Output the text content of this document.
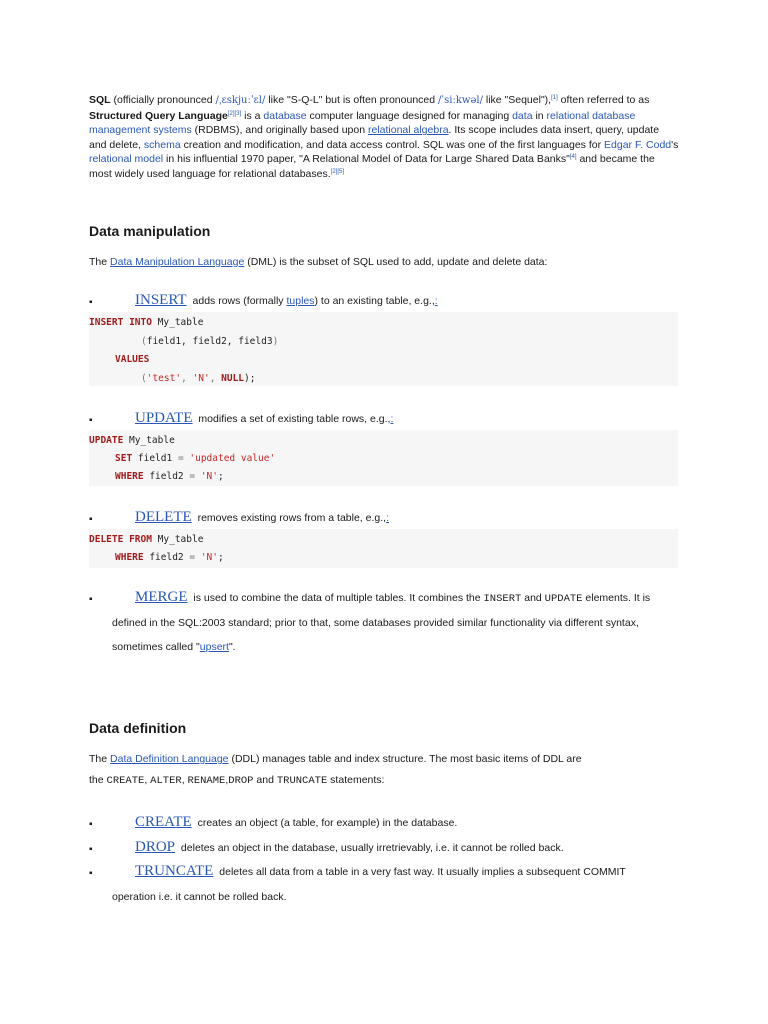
SQL (officially pronounced /ˌɛskjuːˈɛl/ like "S-Q-L" but is often pronounced /ˈsiːkwəl/ like "Sequel"),[1] often referred to as Structured Query Language[2][3] is a database computer language designed for managing data in relational database management systems (RDBMS), and originally based upon relational algebra. Its scope includes data insert, query, update and delete, schema creation and modification, and data access control. SQL was one of the first languages for Edgar F. Codd's relational model in his influential 1970 paper, "A Relational Model of Data for Large Shared Data Banks"[4] and became the most widely used language for relational databases.[2][5]
Data manipulation
The Data Manipulation Language (DML) is the subset of SQL used to add, update and delete data:
▪	INSERT adds rows (formally tuples) to an existing table, e.g.,:
INSERT INTO My_table
(field1, field2, field3)
VALUES
('test', 'N', NULL);
▪	UPDATE modifies a set of existing table rows, e.g.,:
UPDATE My_table
SET field1 = 'updated value'
WHERE field2 = 'N';
▪	DELETE removes existing rows from a table, e.g.,:
DELETE FROM My_table
WHERE field2 = 'N';
▪	MERGE is used to combine the data of multiple tables. It combines the INSERT and UPDATE elements. It is
defined in the SQL:2003 standard; prior to that, some databases provided similar functionality via different syntax,
sometimes called "upsert".
Data definition
The Data Definition Language (DDL) manages table and index structure. The most basic items of DDL are
the CREATE, ALTER, RENAME,DROP and TRUNCATE statements:
▪	CREATE creates an object (a table, for example) in the database.
▪	DROP deletes an object in the database, usually irretrievably, i.e. it cannot be rolled back.
▪	TRUNCATE deletes all data from a table in a very fast way. It usually implies a subsequent COMMIT
operation i.e. it cannot be rolled back.
